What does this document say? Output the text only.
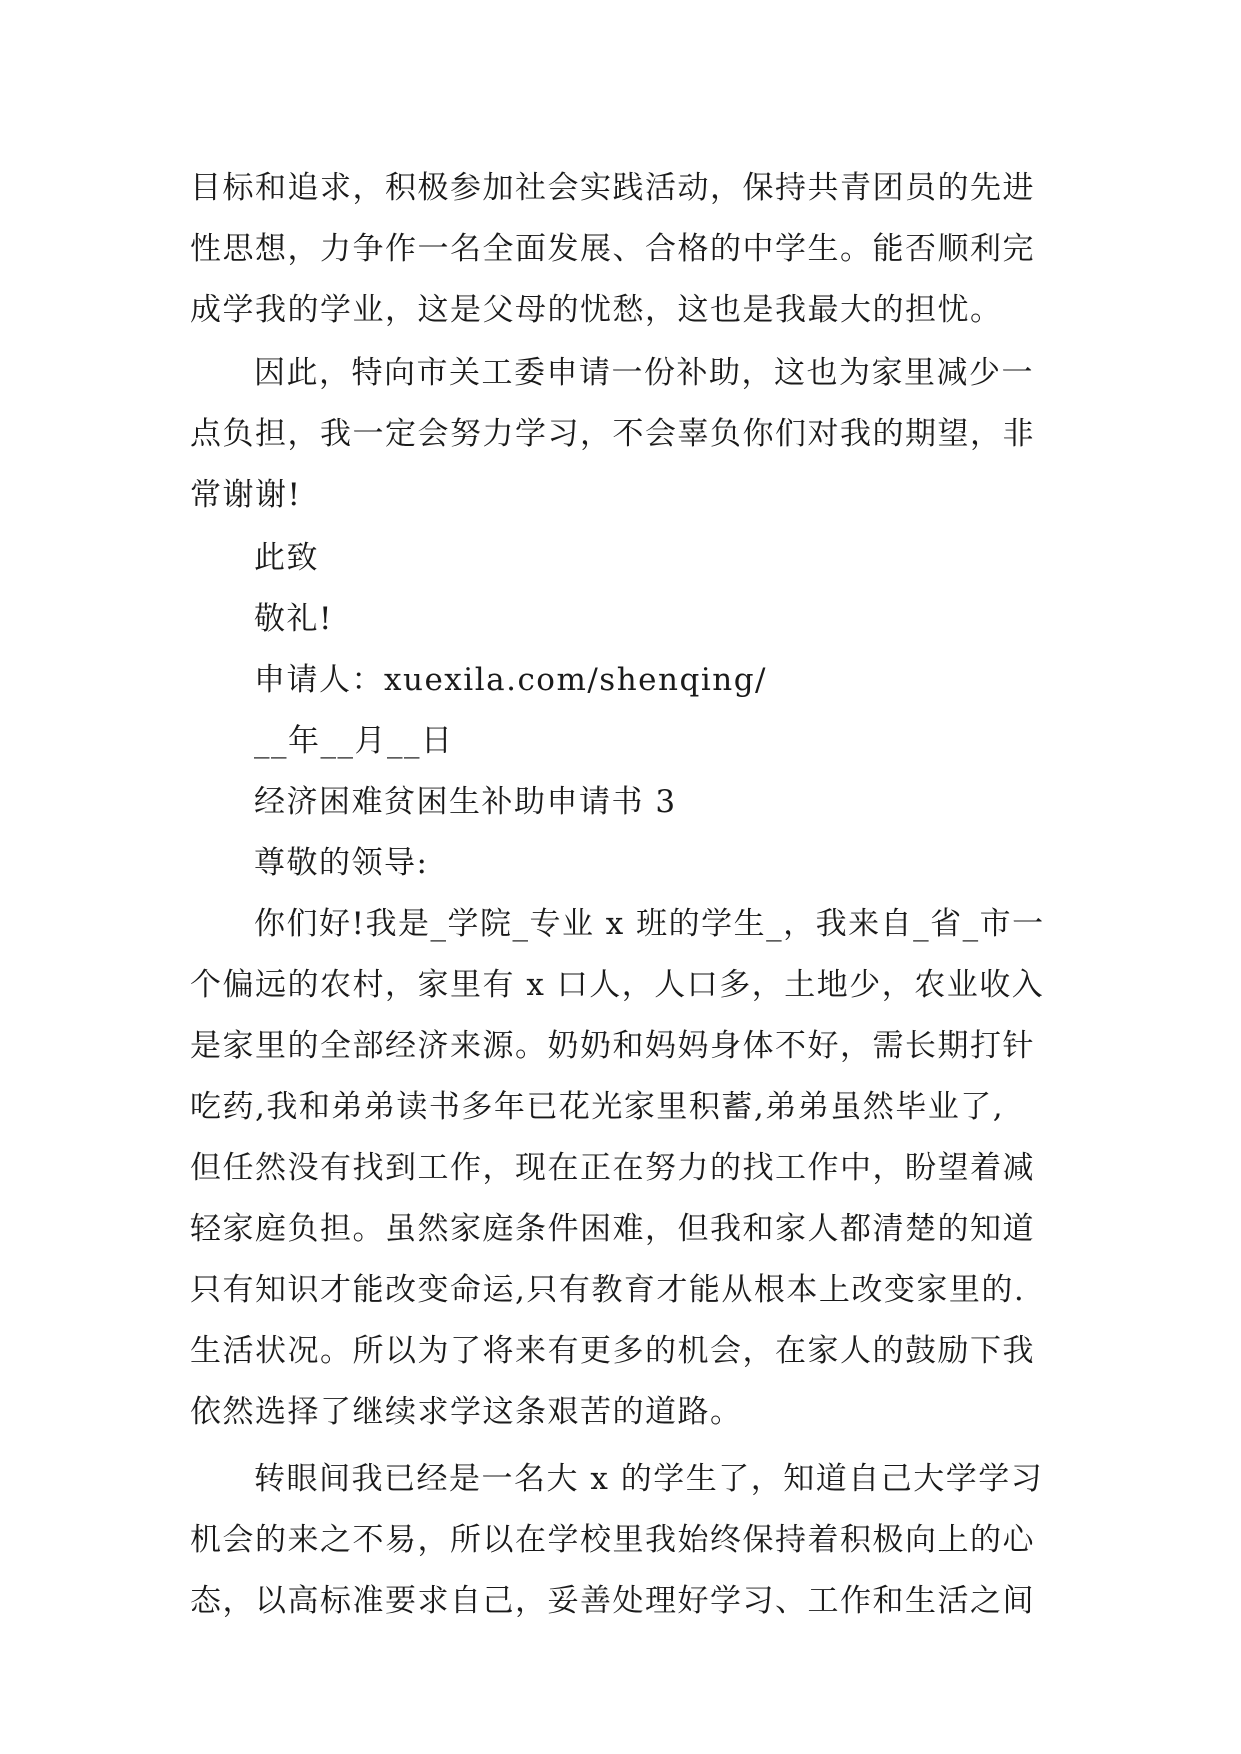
目标和追求，积极参加社会实践活动，保持共青团员的先进
性思想，力争作一名全面发展、合格的中学生。能否顺利完
成学我的学业，这是父母的忧愁，这也是我最大的担忧。
因此，特向市关工委申请一份补助，这也为家里减少一
点负担，我一定会努力学习，不会辜负你们对我的期望，非
常谢谢!
此致
敬礼!
申请人：xuexila.com/shenqing/
__年__月__日
经济困难贫困生补助申请书 3
尊敬的领导:
你们好!我是_学院_专业 x 班的学生_，我来自_省_市一
个偏远的农村，家里有 x 口人，人口多，土地少，农业收入
是家里的全部经济来源。奶奶和妈妈身体不好，需长期打针
吃药,我和弟弟读书多年已花光家里积蓄,弟弟虽然毕业了,
但任然没有找到工作，现在正在努力的找工作中，盼望着减
轻家庭负担。虽然家庭条件困难，但我和家人都清楚的知道
只有知识才能改变命运,只有教育才能从根本上改变家里的.
生活状况。所以为了将来有更多的机会，在家人的鼓励下我
依然选择了继续求学这条艰苦的道路。
转眼间我已经是一名大 x 的学生了，知道自己大学学习
机会的来之不易，所以在学校里我始终保持着积极向上的心
态，以高标准要求自己，妥善处理好学习、工作和生活之间
